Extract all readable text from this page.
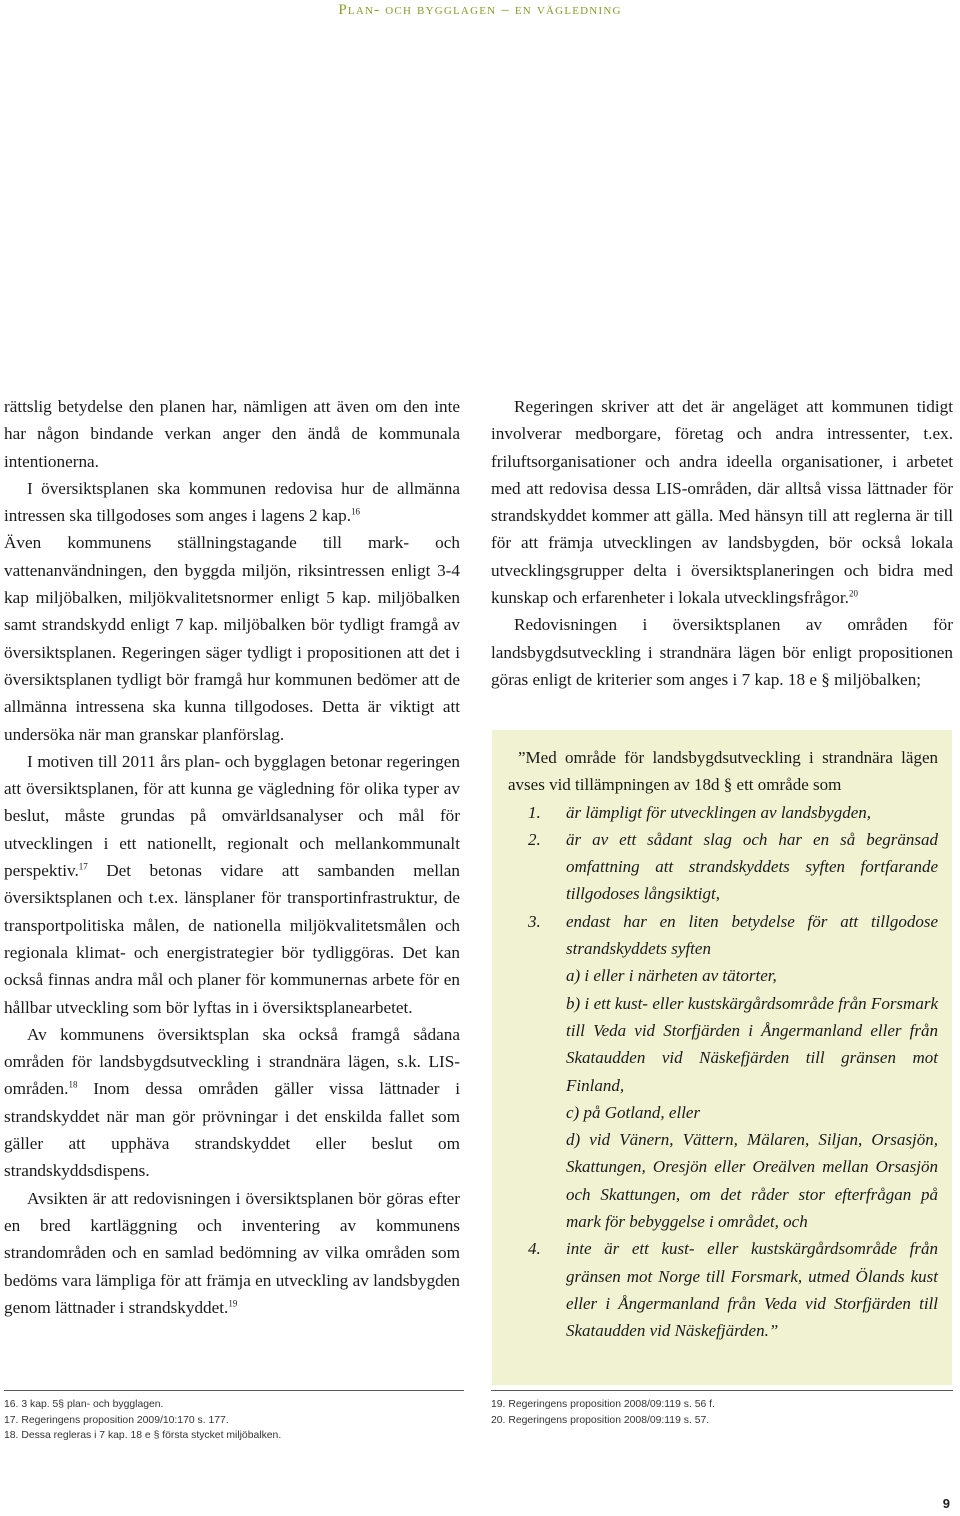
Plan- och bygglagen – en vägledning

rättslig betydelse den planen har, nämligen att även om den inte har någon bindande verkan anger den ändå de kommunala intentionerna.

I översiktsplanen ska kommunen redovisa hur de allmänna intressen ska tillgodoses som anges i lagens 2 kap.$^{16}$
Även kommunens ställningstagande till mark- och vattenanvändningen, den byggda miljön, riksintressen enligt 3-4 kap miljöbalken, miljökvalitetsnormer enligt 5 kap. miljöbalken samt strandskydd enligt 7 kap. miljöbalken bör tydligt framgå av översiktsplanen. Regeringen säger tydligt i propositionen att det i översiktsplanen tydligt bör framgå hur kommunen bedömer att de allmänna intressena ska kunna tillgodoses. Detta är viktigt att undersöka när man granskar planförslag.

I motiven till 2011 års plan- och bygglagen betonar regeringen att översiktsplanen, för att kunna ge vägledning för olika typer av beslut, måste grundas på omvärldsanalyser och mål för utvecklingen i ett nationellt, regionalt och mellankommunalt perspektiv.$^{17}$ Det betonas vidare att sambanden mellan översiktsplanen och t.ex. länsplaner för transportinfrastruktur, de transportpolitiska målen, de nationella miljökvalitetsmålen och regionala klimat- och energistrategier bör tydliggöras. Det kan också finnas andra mål och planer för kommunernas arbete för en hållbar utveckling som bör lyftas in i översiktsplanearbetet.

Av kommunens översiktsplan ska också framgå sådana områden för landsbygdsutveckling i strandnära lägen, s.k. LIS-områden.$^{18}$ Inom dessa områden gäller vissa lättnader i strandskyddet när man gör prövningar i det enskilda fallet som gäller att upphäva strandskyddet eller beslut om strandskyddsdispens.

Avsikten är att redovisningen i översiktsplanen bör göras efter en bred kartläggning och inventering av kommunens strandområden och en samlad bedömning av vilka områden som bedöms vara lämpliga för att främja en utveckling av landsbygden genom lättnader i strandskyddet.$^{19}$

Regeringen skriver att det är angeläget att kommunen tidigt involverar medborgare, företag och andra intressenter, t.ex. friluftsorganisationer och andra ideella organisationer, i arbetet med att redovisa dessa LIS-områden, där alltså vissa lättnader för strandskyddet kommer att gälla. Med hänsyn till att reglerna är till för att främja utvecklingen av landsbygden, bör också lokala utvecklingsgrupper delta i översiktsplaneringen och bidra med kunskap och erfarenheter i lokala utvecklingsfrågor.$^{20}$

Redovisningen i översiktsplanen av områden för landsbygdsutveckling i strandnära lägen bör enligt propositionen göras enligt de kriterier som anges i 7 kap. 18 e § miljöbalken;

”Med område för landsbygdsutveckling i strandnära lägen avses vid tillämpningen av 18d § ett område som
1. är lämpligt för utvecklingen av landsbygden,
2. är av ett sådant slag och har en så begränsad omfattning att strandskyddets syften fortfarande tillgodoses långsiktigt,
3. endast har en liten betydelse för att tillgodose strandskyddets syften
a) i eller i närheten av tätorter,
b) i ett kust- eller kustskärgårdsområde från Forsmark till Veda vid Storfjärden i Ångermanland eller från Skataudden vid Näskefjärden till gränsen mot Finland,
c) på Gotland, eller
d) vid Vänern, Vättern, Mälaren, Siljan, Orsasjön, Skattungen, Oresjön eller Oreälven mellan Orsasjön och Skattungen, om det råder stor efterfrågan på mark för bebyggelse i området, och
4. inte är ett kust- eller kustskärgårdsområde från gränsen mot Norge till Forsmark, utmed Ölands kust eller i Ångermanland från Veda vid Storfjärden till Skataudden vid Näskefjärden.”
16. 3 kap. 5§ plan- och bygglagen.
17. Regeringens proposition 2009/10:170 s. 177.
18. Dessa regleras i 7 kap. 18 e § första stycket miljöbalken.
19. Regeringens proposition 2008/09:119 s. 56 f.
20. Regeringens proposition 2008/09:119 s. 57.
9
